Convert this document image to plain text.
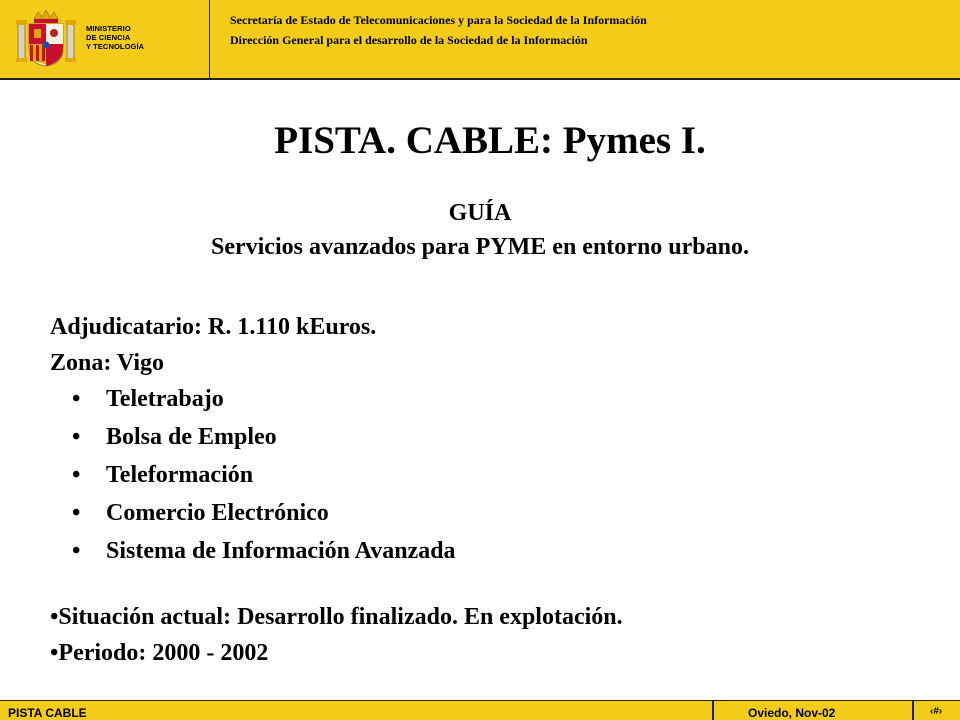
MINISTERIO
DE CIENCIA
Y TECNOLOGÍA
Secretaría de Estado de Telecomunicaciones y para la Sociedad de la Información
Dirección General para el desarrollo de la Sociedad de la Información
PISTA. CABLE: Pymes I.
GUÍA
Servicios avanzados para PYME en entorno urbano.
Adjudicatario: R. 1.110 kEuros.
Zona: Vigo
• Teletrabajo
• Bolsa de Empleo
• Teleformación
• Comercio Electrónico
• Sistema de Información Avanzada
•Situación actual: Desarrollo finalizado. En explotación.
•Periodo: 2000 - 2002
PISTA CABLE	Oviedo, Nov-02	‹#›
